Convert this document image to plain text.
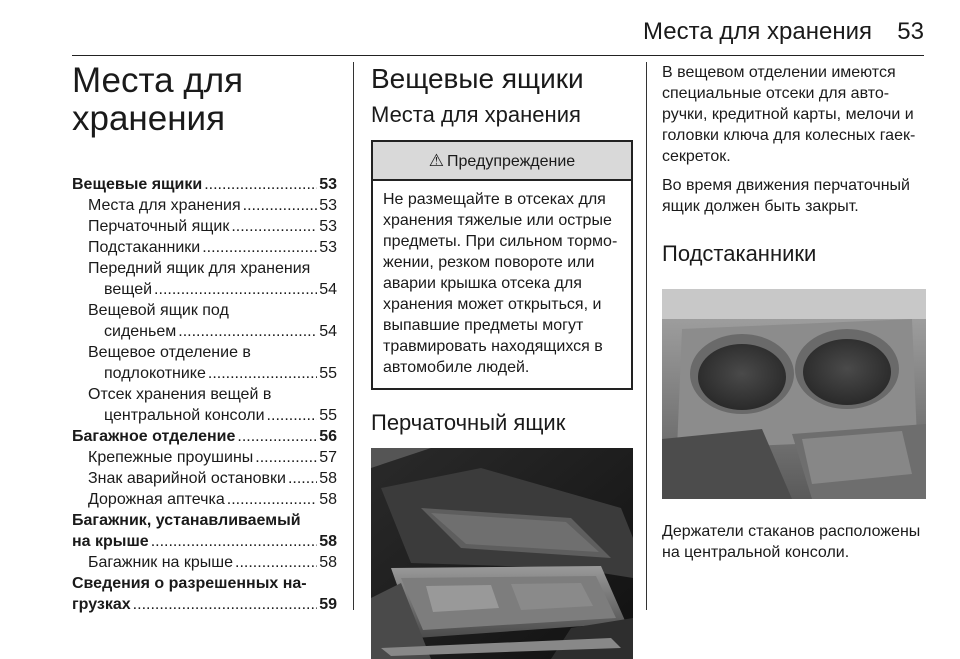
Места для хранения 53
Места для
хранения
Вещевые ящики .....	53
Места для хранения .....	53
Перчаточный ящик .....	53
Подстаканники .....	53
Передний ящик для хранения
вещей .....	54
Вещевой ящик под
сиденьем .....	54
Вещевое отделение в
подлокотнике .....	55
Отсек хранения вещей в
центральной консоли .....	55
Багажное отделение .....	56
Крепежные проушины .....	57
Знак аварийной остановки ..... 58
Дорожная аптечка .....	58
Багажник, устанавливаемый
на крыше .....	58
Багажник на крыше .....	58
Сведения о разрешенных на-
грузках .....	59
Вещевые ящики
Места для хранения
⚠ Предупреждение
Не размещайте в отсеках для хранения тяжелые или острые предметы. При сильном тормо-жении, резком повороте или аварии крышка отсека для хранения может открыться, и выпавшие предметы могут травмировать находящихся в автомобиле людей.
Перчаточный ящик

В вещевом отделении имеются специальные отсеки для авто-ручки, кредитной карты, мелочи и головки ключа для колесных гаек-секреток.

Во время движения перчаточный ящик должен быть закрыт.

Подстаканники

Держатели стаканов расположены на центральной консоли.
